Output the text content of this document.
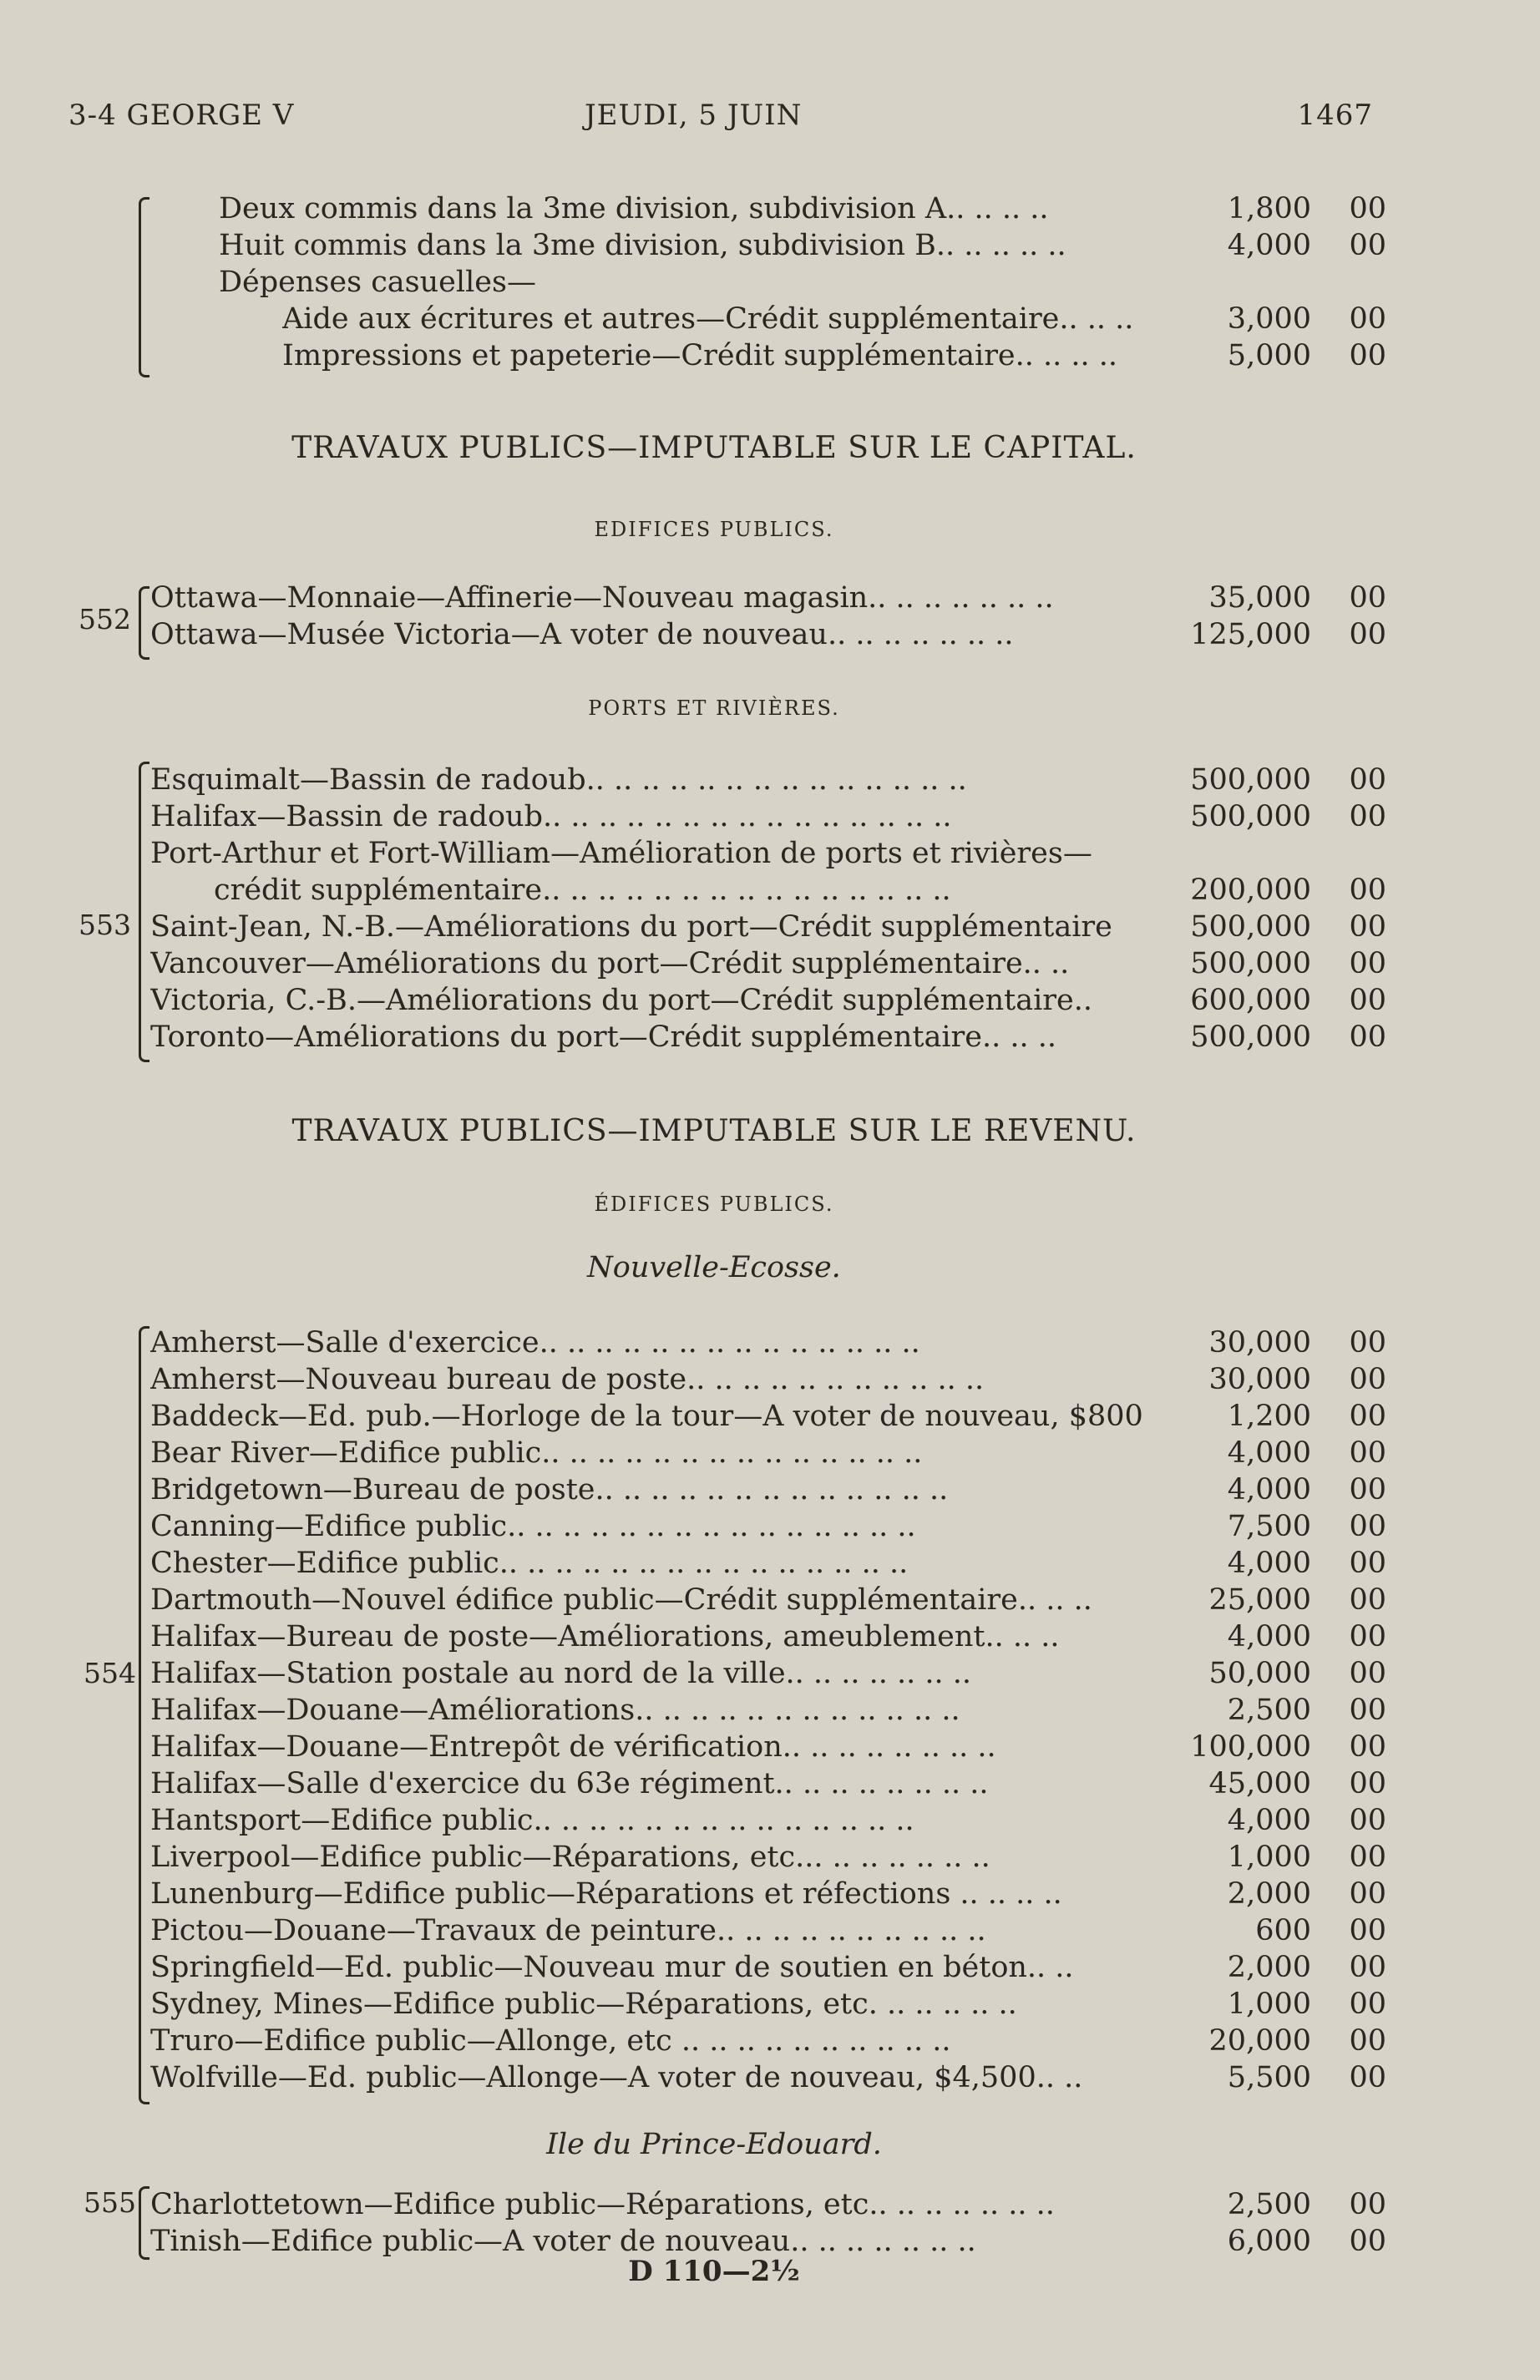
3-4 GEORGE V	JEUDI, 5 JUIN	1467
Deux commis dans la 3me division, subdivision A.. .. .. ..	1,800	00
Huit commis dans la 3me division, subdivision B.. .. .. .. ..	4,000	00
Dépenses casuelles—
Aide aux écritures et autres—Crédit supplémentaire.. .. ..	3,000	00
Impressions et papeterie—Crédit supplémentaire.. .. .. ..	5,000	00
TRAVAUX PUBLICS—IMPUTABLE SUR LE CAPITAL.
EDIFICES PUBLICS.
552
Ottawa—Monnaie—Affinerie—Nouveau magasin.. .. .. .. .. .. ..	35,000	00
Ottawa—Musée Victoria—A voter de nouveau.. .. .. .. .. .. ..	125,000	00
PORTS ET RIVIÈRES.
553
Esquimalt—Bassin de radoub.. .. .. .. .. .. .. .. .. .. .. .. .. ..	500,000	00
Halifax—Bassin de radoub.. .. .. .. .. .. .. .. .. .. .. .. .. .. ..	500,000	00
Port-Arthur et Fort-William—Amélioration de ports et rivières—
crédit supplémentaire.. .. .. .. .. .. .. .. .. .. .. .. .. .. ..	200,000	00
Saint-Jean, N.-B.—Améliorations du port—Crédit supplémentaire	500,000	00
Vancouver—Améliorations du port—Crédit supplémentaire.. ..	500,000	00
Victoria, C.-B.—Améliorations du port—Crédit supplémentaire..	600,000	00
Toronto—Améliorations du port—Crédit supplémentaire.. .. ..	500,000	00
TRAVAUX PUBLICS—IMPUTABLE SUR LE REVENU.
ÉDIFICES PUBLICS.
Nouvelle-Ecosse.
554
Amherst—Salle d'exercice.. .. .. .. .. .. .. .. .. .. .. .. .. ..	30,000	00
Amherst—Nouveau bureau de poste.. .. .. .. .. .. .. .. .. .. ..	30,000	00
Baddeck—Ed. pub.—Horloge de la tour—A voter de nouveau, $800	1,200	00
Bear River—Edifice public.. .. .. .. .. .. .. .. .. .. .. .. .. ..	4,000	00
Bridgetown—Bureau de poste.. .. .. .. .. .. .. .. .. .. .. .. ..	4,000	00
Canning—Edifice public.. .. .. .. .. .. .. .. .. .. .. .. .. .. ..	7,500	00
Chester—Edifice public.. .. .. .. .. .. .. .. .. .. .. .. .. .. ..	4,000	00
Dartmouth—Nouvel édifice public—Crédit supplémentaire.. .. ..	25,000	00
Halifax—Bureau de poste—Améliorations, ameublement.. .. ..	4,000	00
Halifax—Station postale au nord de la ville.. .. .. .. .. .. ..	50,000	00
Halifax—Douane—Améliorations.. .. .. .. .. .. .. .. .. .. .. ..	2,500	00
Halifax—Douane—Entrepôt de vérification.. .. .. .. .. .. .. ..	100,000	00
Halifax—Salle d'exercice du 63e régiment.. .. .. .. .. .. .. ..	45,000	00
Hantsport—Edifice public.. .. .. .. .. .. .. .. .. .. .. .. .. ..	4,000	00
Liverpool—Edifice public—Réparations, etc... .. .. .. .. .. ..	1,000	00
Lunenburg—Edifice public—Réparations et réfections .. .. .. ..	2,000	00
Pictou—Douane—Travaux de peinture.. .. .. .. .. .. .. .. .. ..	600	00
Springfield—Ed. public—Nouveau mur de soutien en béton.. ..	2,000	00
Sydney, Mines—Edifice public—Réparations, etc. .. .. .. .. ..	1,000	00
Truro—Edifice public—Allonge, etc .. .. .. .. .. .. .. .. .. ..	20,000	00
Wolfville—Ed. public—Allonge—A voter de nouveau, $4,500.. ..	5,500	00
Ile du Prince-Edouard.
555 Charlottetown—Edifice public—Réparations, etc.. .. .. .. .. .. ..	2,500	00
Tinish—Edifice public—A voter de nouveau.. .. .. .. .. .. ..	6,000	00
D 110—2½
